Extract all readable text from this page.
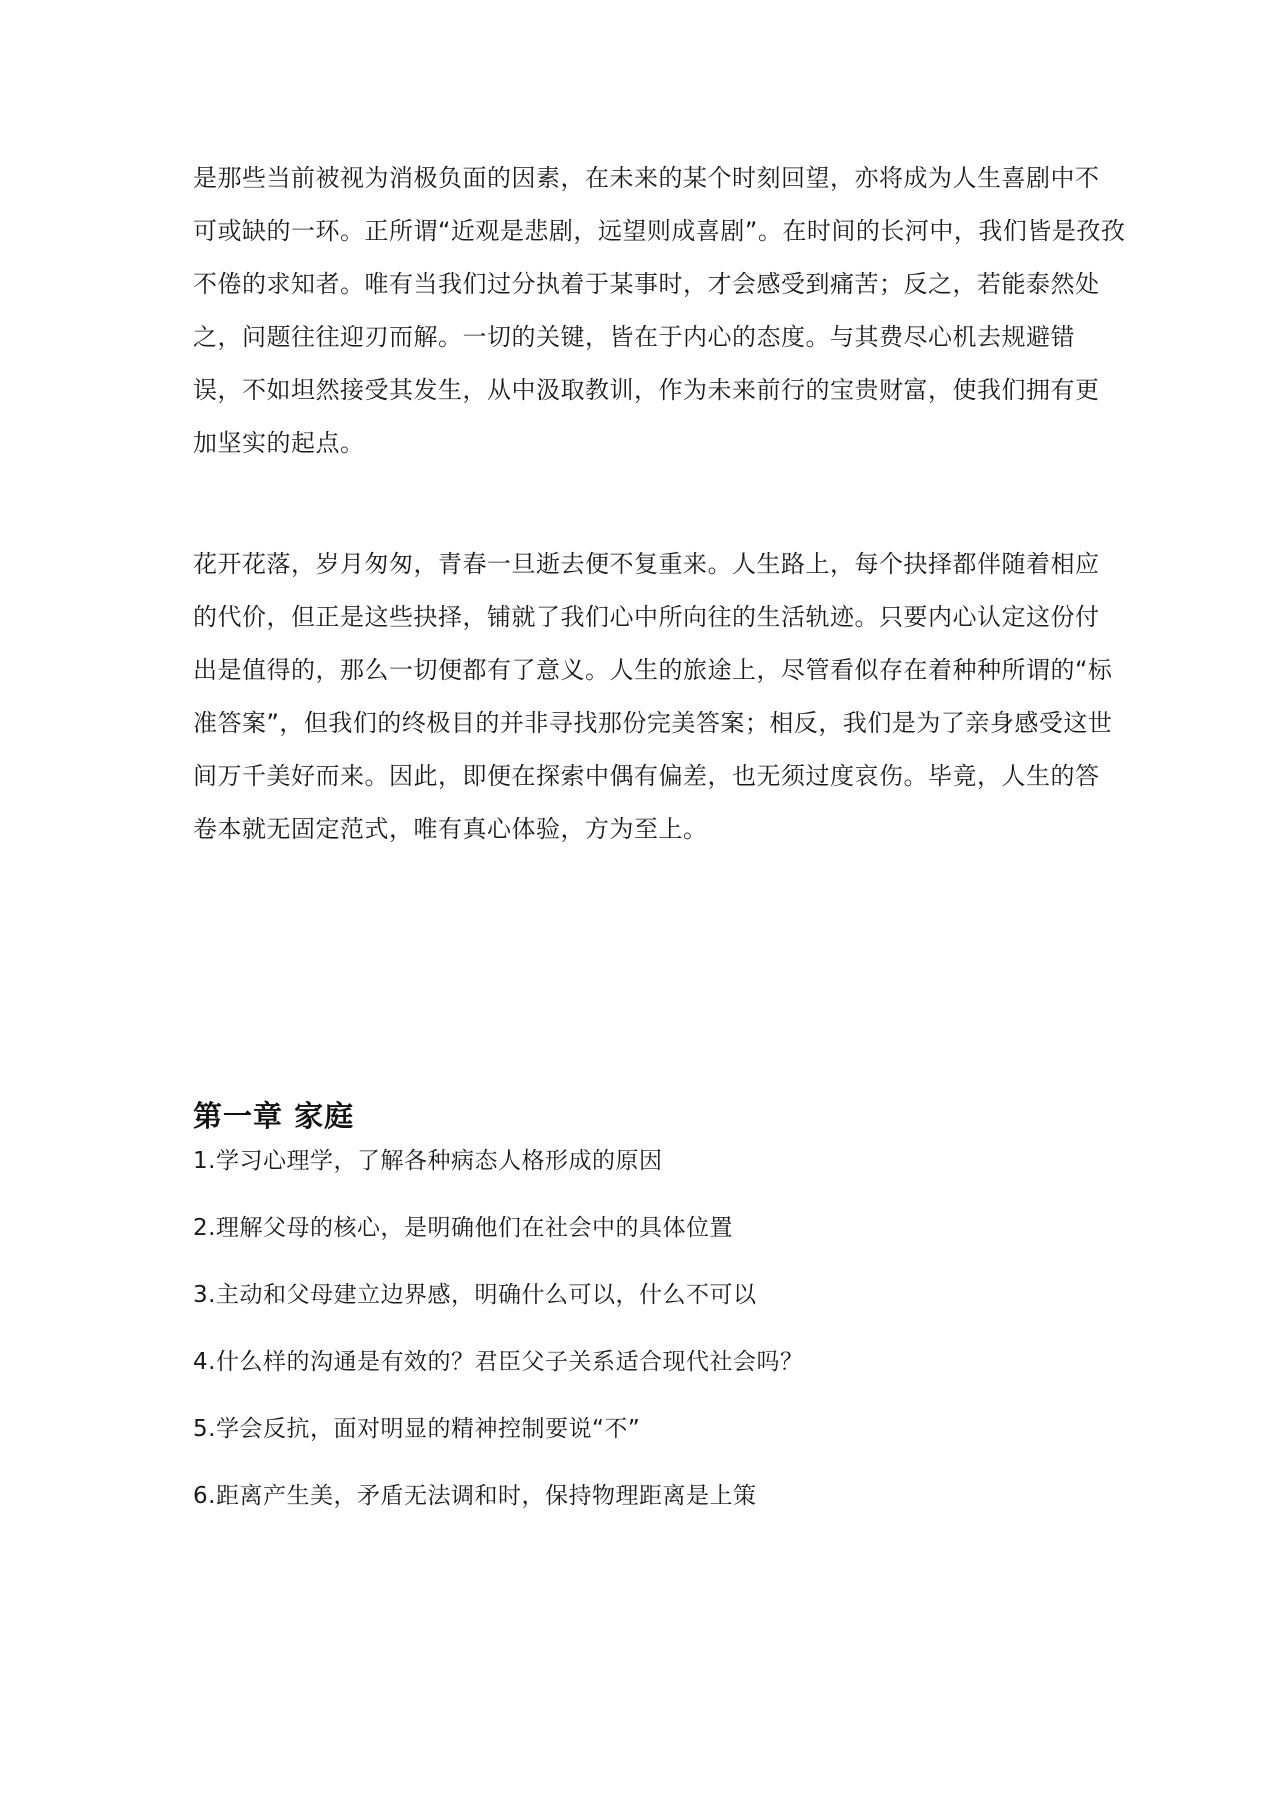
是那些当前被视为消极负面的因素，在未来的某个时刻回望，亦将成为人生喜剧中不
可或缺的一环。正所谓“近观是悲剧，远望则成喜剧”。在时间的长河中，我们皆是孜孜
不倦的求知者。唯有当我们过分执着于某事时，才会感受到痛苦；反之，若能泰然处
之，问题往往迎刃而解。一切的关键，皆在于内心的态度。与其费尽心机去规避错
误，不如坦然接受其发生，从中汲取教训，作为未来前行的宝贵财富，使我们拥有更
加坚实的起点。
花开花落，岁月匆匆，青春一旦逝去便不复重来。人生路上，每个抉择都伴随着相应
的代价，但正是这些抉择，铺就了我们心中所向往的生活轨迹。只要内心认定这份付
出是值得的，那么一切便都有了意义。人生的旅途上，尽管看似存在着种种所谓的“标
准答案”，但我们的终极目的并非寻找那份完美答案；相反，我们是为了亲身感受这世
间万千美好而来。因此，即便在探索中偶有偏差，也无须过度哀伤。毕竟，人生的答
卷本就无固定范式，唯有真心体验，方为至上。
第一章 家庭
1.学习心理学，了解各种病态人格形成的原因
2.理解父母的核心，是明确他们在社会中的具体位置
3.主动和父母建立边界感，明确什么可以，什么不可以
4.什么样的沟通是有效的？君臣父子关系适合现代社会吗？
5.学会反抗，面对明显的精神控制要说“不”
6.距离产生美，矛盾无法调和时，保持物理距离是上策
